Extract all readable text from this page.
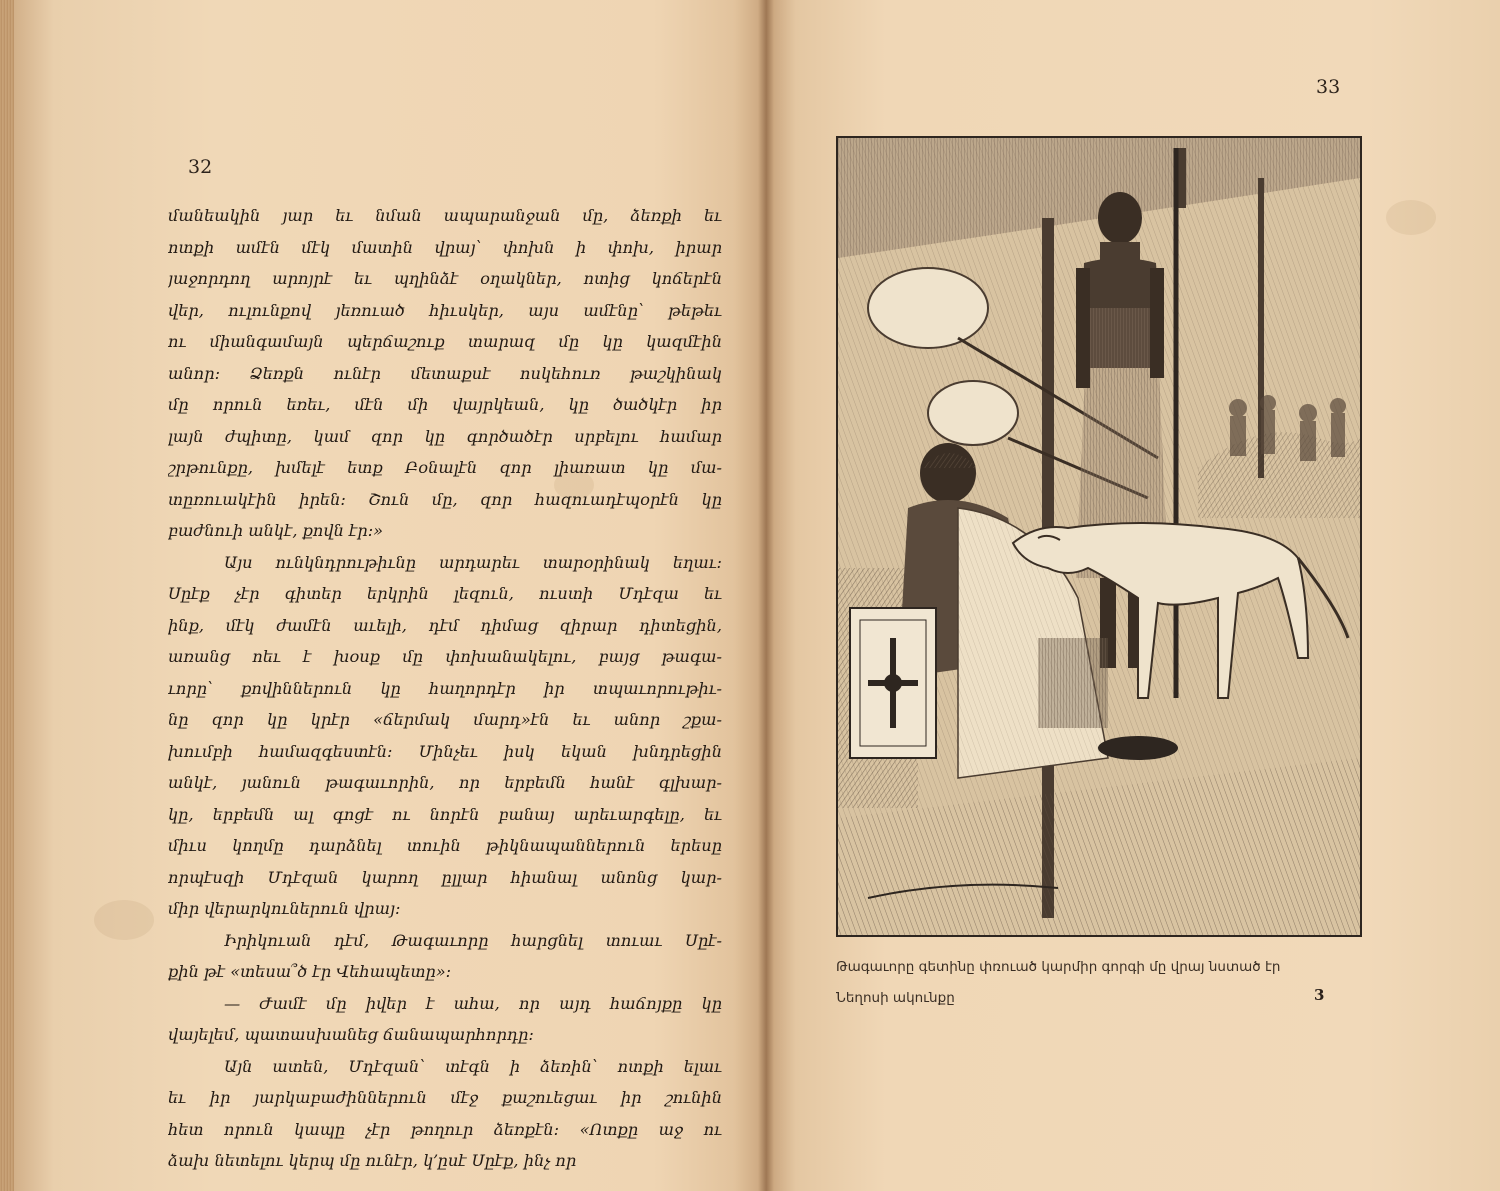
32
33
մանեակին յար եւ նման ապարանջան մը, ձեռքի եւ
ոտքի ամէն մէկ մատին վրայ՝ փոխն ի փոխ, իրար
յաջորդող արոյրէ եւ պղինձէ օղակներ, ոտից կոճերէն
վեր, ուլունքով յեռուած հիւսկեր, այս ամէնը՝ թեթեւ
ու միանգամայն պերճաշուք տարազ մը կը կազմէին
անոր: Ձեռքն ունէր մետաքսէ ոսկեհուռ թաշկինակ
մը որուն եռեւ, մէն մի վայրկեան, կը ծածկէր իր
լայն ժպիտը, կամ զոր կը գործածէր սրբելու համար
շրթունքը, խմելէ ետք Բօնալէն զոր լիառատ կը մա-
տըռուակէին իրեն: Շուն մը, զոր հազուադէպօրէն կը
բաժնուի անկէ, քովն էր:»
Այս ունկնդրութիւնը արդարեւ տարօրինակ եղաւ:
Սըէք չէր գիտեր երկրին լեզուն, ուստի Մդէզա եւ
ինք, մէկ ժամէն աւելի, դէմ դիմաց զիրար դիտեցին,
առանց ոեւ է խօսք մը փոխանակելու, բայց թագա-
ւորը՝ քովիններուն կը հաղորդէր իր տպաւորութիւ-
նը զոր կը կրէր «ճերմակ մարդ»էն եւ անոր շքա-
խումբի համազգեստէն: Մինչեւ իսկ եկան խնդրեցին
անկէ, յանուն թագաւորին, որ երբեմն հանէ գլխար-
կը, երբեմն ալ գոցէ ու նորէն բանայ արեւարգելը, եւ
միւս կողմը դարձնել տուին թիկնապաններուն երեսը
որպէսզի Մդէզան կարող ըլլար հիանալ անոնց կար-
միր վերարկուներուն վրայ:
Իրիկուան դէմ, Թագաւորը հարցնել տուաւ Սըէ-
քին թէ «տեսա՞ծ էր Վեհապետը»:
— Ժամէ մը իվեր է ահա, որ այդ հաճոյքը կը
վայելեմ, պատասխանեց ճանապարհորդը:
Այն ատեն, Մդէզան՝ տէգն ի ձեռին՝ ոտքի ելաւ
եւ իր յարկաբաժիններուն մէջ քաշուեցաւ իր շունին
հետ որուն կապը չէր թողուր ձեռքէն: «Ոտքը աջ ու
ձախ նետելու կերպ մը ունէր, կ՚ըսէ Սըէք, ինչ որ
Թագաւորը գետինը փռուած կարմիր գորգի մը վրայ նստած էր
Նեղոսի ակունքը	3
